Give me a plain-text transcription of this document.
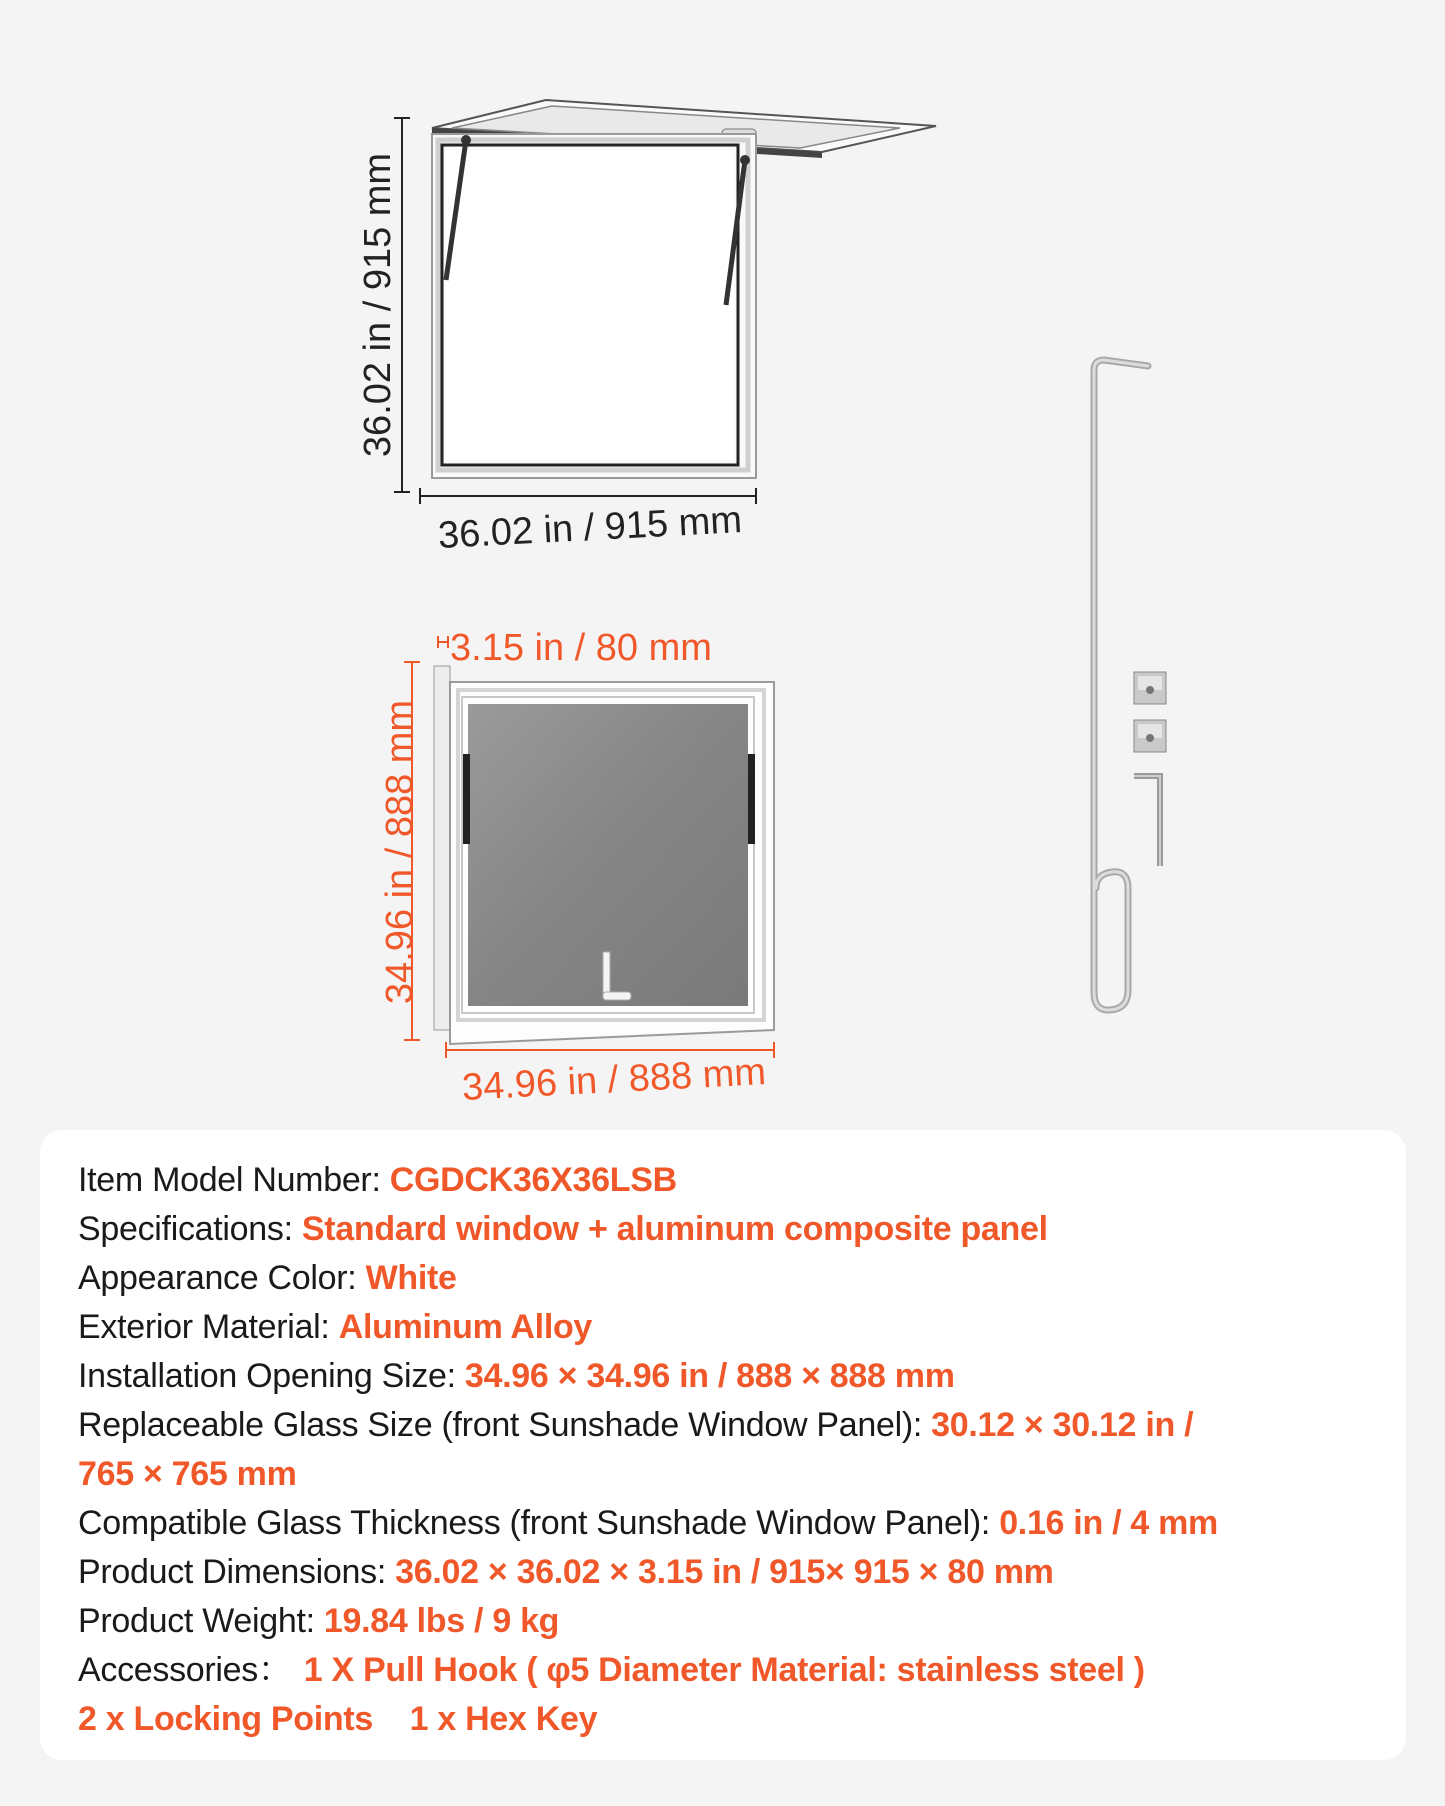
36.02 in / 915 mm
36.02 in / 915 mm
3.15 in / 80 mm
34.96 in / 888 mm
34.96 in / 888 mm
Item Model Number: CGDCK36X36LSB
Specifications: Standard window + aluminum composite panel
Appearance Color: White
Exterior Material: Aluminum Alloy
Installation Opening Size: 34.96 × 34.96 in / 888 × 888 mm
Replaceable Glass Size (front Sunshade Window Panel): 30.12 × 30.12 in /
765 × 765 mm
Compatible Glass Thickness (front Sunshade Window Panel): 0.16 in / 4 mm
Product Dimensions: 36.02 × 36.02 × 3.15 in / 915× 915 × 80 mm
Product Weight: 19.84 lbs / 9 kg
Accessories： 1 X Pull Hook ( φ5 Diameter Material: stainless steel )
2 x Locking Points    1 x Hex Key
